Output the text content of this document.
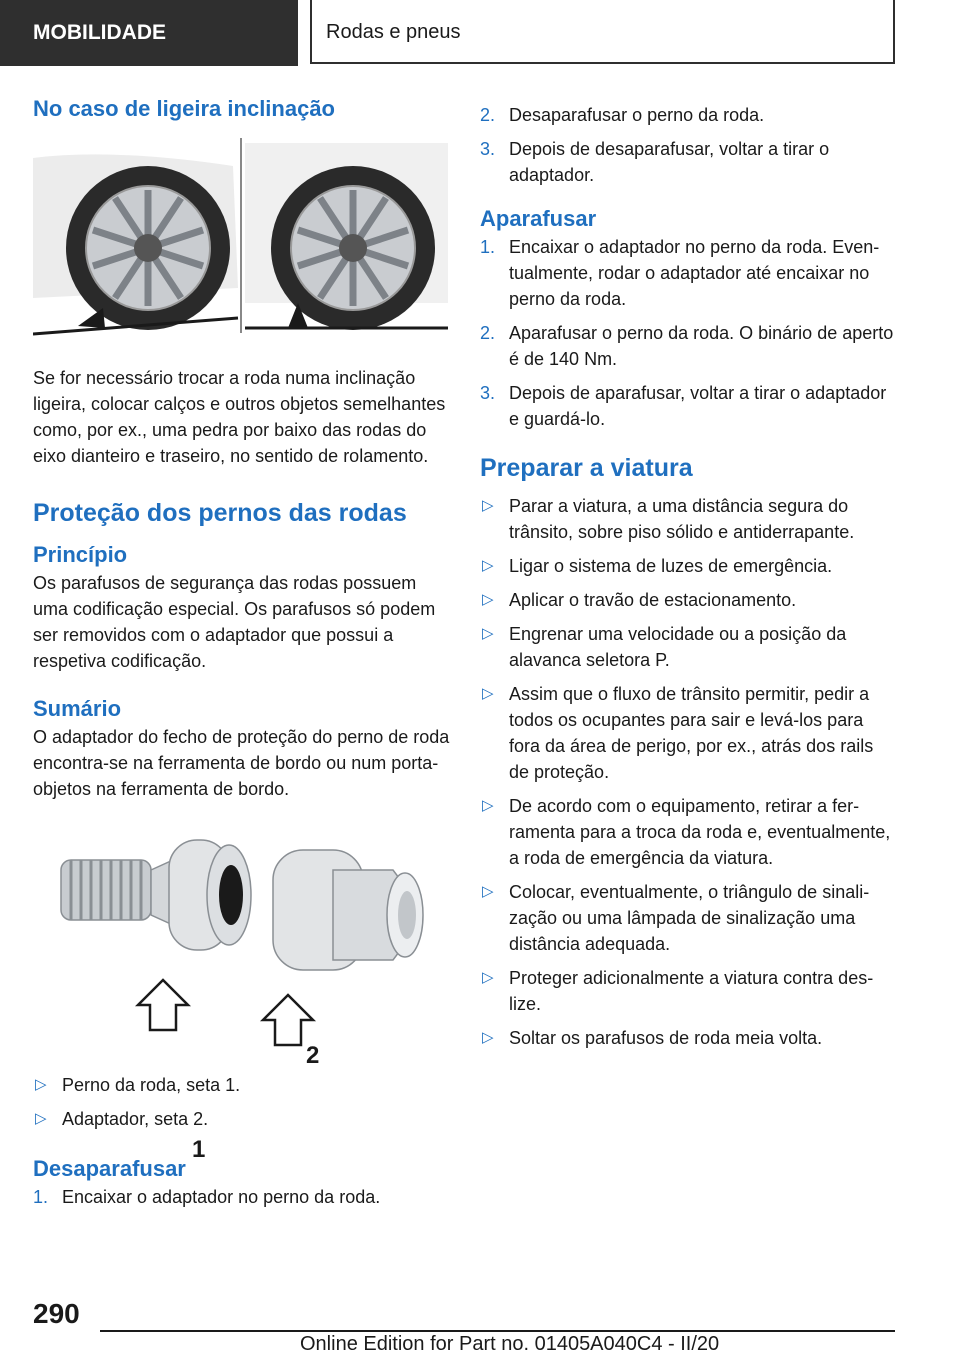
MOBILIDADE	Rodas e pneus
No caso de ligeira inclinação

Se for necessário trocar a roda numa inclinação ligeira, colocar calços e outros objetos semelhantes como, por ex., uma pedra por baixo das rodas do eixo dianteiro e traseiro, no sentido de rolamento.

Proteção dos pernos das rodas
Princípio

Os parafusos de segurança das rodas possuem uma codificação especial. Os parafusos só podem ser removidos com o adaptador que possui a respetiva codificação.

Sumário

O adaptador do fecho de proteção do perno de roda encontra-se na ferramenta de bordo ou num porta-objetos na ferramenta de bordo.

1
▷ Perno da roda, seta 1.
▷ Adaptador, seta 2.
Desaparafusar
1. Encaixar o adaptador no perno da roda.
2. Desaparafusar o perno da roda.
3. Depois de desaparafusar, voltar a tirar o adaptador.
Aparafusar
1. Encaixar o adaptador no perno da roda. Eventualmente, rodar o adaptador até encaixar no perno da roda.
2. Aparafusar o perno da roda. O binário de aperto é de 140 Nm.
3. Depois de aparafusar, voltar a tirar o adaptador e guardá-lo.
Preparar a viatura
▷ Parar a viatura, a uma distância segura do trânsito, sobre piso sólido e antiderrapante.
▷ Ligar o sistema de luzes de emergência.
▷ Aplicar o travão de estacionamento.
▷ Engrenar uma velocidade ou a posição da alavanca seletora P.
▷ Assim que o fluxo de trânsito permitir, pedir a todos os ocupantes para sair e levá-los para fora da área de perigo, por ex., atrás dos rails de proteção.
▷ De acordo com o equipamento, retirar a ferramenta para a troca da roda e, eventualmente, a roda de emergência da viatura.
▷ Colocar, eventualmente, o triângulo de sinalização ou uma lâmpada de sinalização uma distância adequada.
▷ Proteger adicionalmente a viatura contra deslize.
▷ Soltar os parafusos de roda meia volta.
2
290
Online Edition for Part no. 01405A040C4 - II/20
